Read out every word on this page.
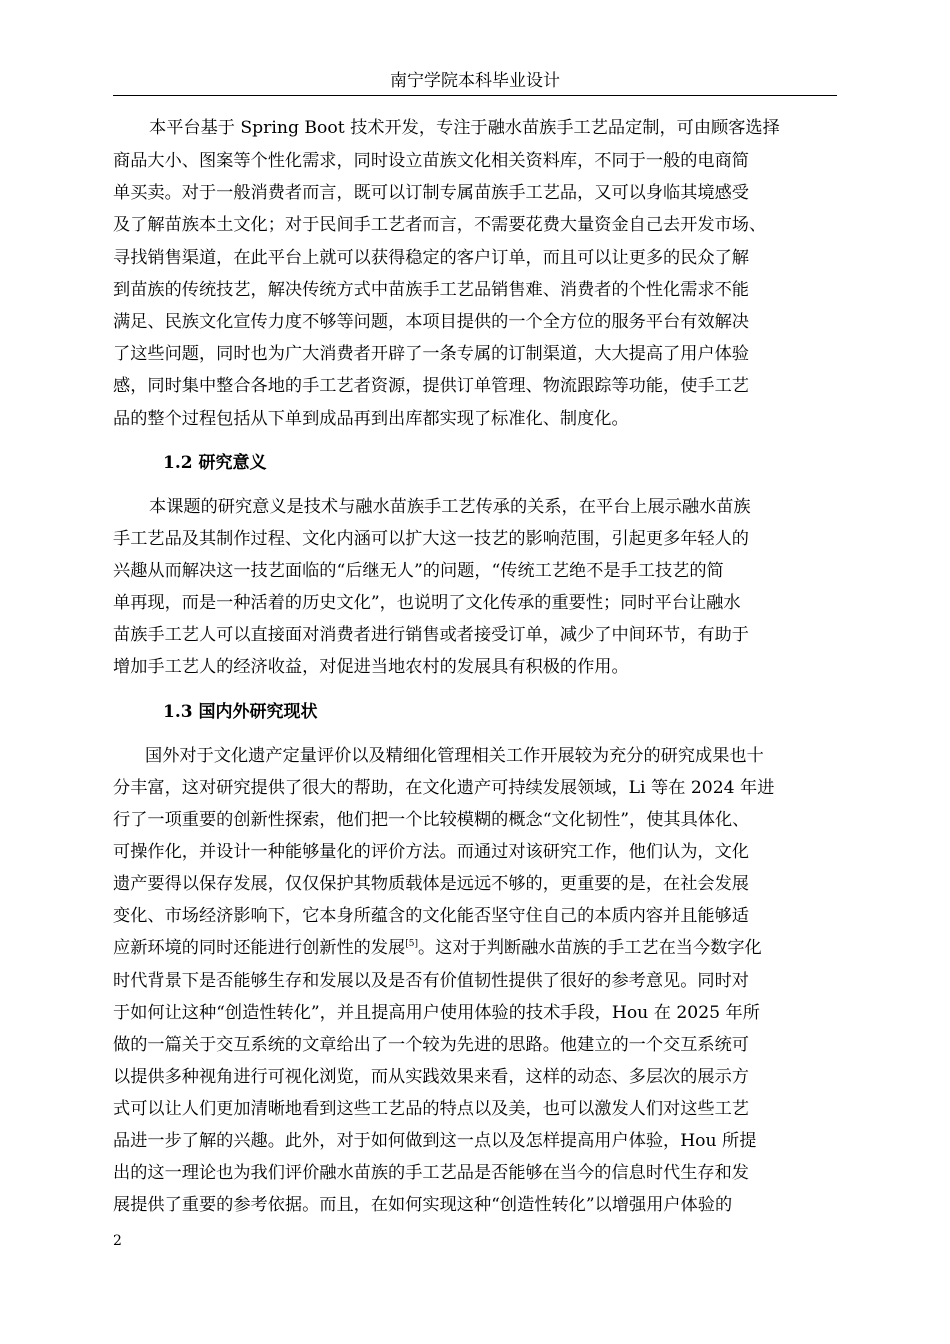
南宁学院本科毕业设计
本平台基于 Spring Boot 技术开发，专注于融水苗族手工艺品定制，可由顾客选择
商品大小、图案等个性化需求，同时设立苗族文化相关资料库，不同于一般的电商简
单买卖。对于一般消费者而言，既可以订制专属苗族手工艺品，又可以身临其境感受
及了解苗族本土文化；对于民间手工艺者而言，不需要花费大量资金自己去开发市场、
寻找销售渠道，在此平台上就可以获得稳定的客户订单，而且可以让更多的民众了解
到苗族的传统技艺，解决传统方式中苗族手工艺品销售难、消费者的个性化需求不能
满足、民族文化宣传力度不够等问题，本项目提供的一个全方位的服务平台有效解决
了这些问题，同时也为广大消费者开辟了一条专属的订制渠道，大大提高了用户体验
感，同时集中整合各地的手工艺者资源，提供订单管理、物流跟踪等功能，使手工艺
品的整个过程包括从下单到成品再到出库都实现了标准化、制度化。
1.2 研究意义
本课题的研究意义是技术与融水苗族手工艺传承的关系，在平台上展示融水苗族
手工艺品及其制作过程、文化内涵可以扩大这一技艺的影响范围，引起更多年轻人的
兴趣从而解决这一技艺面临的“后继无人”的问题，“传统工艺绝不是手工技艺的简
单再现，而是一种活着的历史文化”，也说明了文化传承的重要性；同时平台让融水
苗族手工艺人可以直接面对消费者进行销售或者接受订单，减少了中间环节，有助于
增加手工艺人的经济收益，对促进当地农村的发展具有积极的作用。
1.3 国内外研究现状
国外对于文化遗产定量评价以及精细化管理相关工作开展较为充分的研究成果也十
分丰富，这对研究提供了很大的帮助，在文化遗产可持续发展领域，Li 等在 2024 年进
行了一项重要的创新性探索，他们把一个比较模糊的概念“文化韧性”，使其具体化、
可操作化，并设计一种能够量化的评价方法。而通过对该研究工作，他们认为，文化
遗产要得以保存发展，仅仅保护其物质载体是远远不够的，更重要的是，在社会发展
变化、市场经济影响下，它本身所蕴含的文化能否坚守住自己的本质内容并且能够适
应新环境的同时还能进行创新性的发展[5]。这对于判断融水苗族的手工艺在当今数字化
时代背景下是否能够生存和发展以及是否有价值韧性提供了很好的参考意见。同时对
于如何让这种“创造性转化”，并且提高用户使用体验的技术手段，Hou 在 2025 年所
做的一篇关于交互系统的文章给出了一个较为先进的思路。他建立的一个交互系统可
以提供多种视角进行可视化浏览，而从实践效果来看，这样的动态、多层次的展示方
式可以让人们更加清晰地看到这些工艺品的特点以及美，也可以激发人们对这些工艺
品进一步了解的兴趣。此外，对于如何做到这一点以及怎样提高用户体验，Hou 所提
出的这一理论也为我们评价融水苗族的手工艺品是否能够在当今的信息时代生存和发
展提供了重要的参考依据。而且，在如何实现这种“创造性转化”以增强用户体验的
2
